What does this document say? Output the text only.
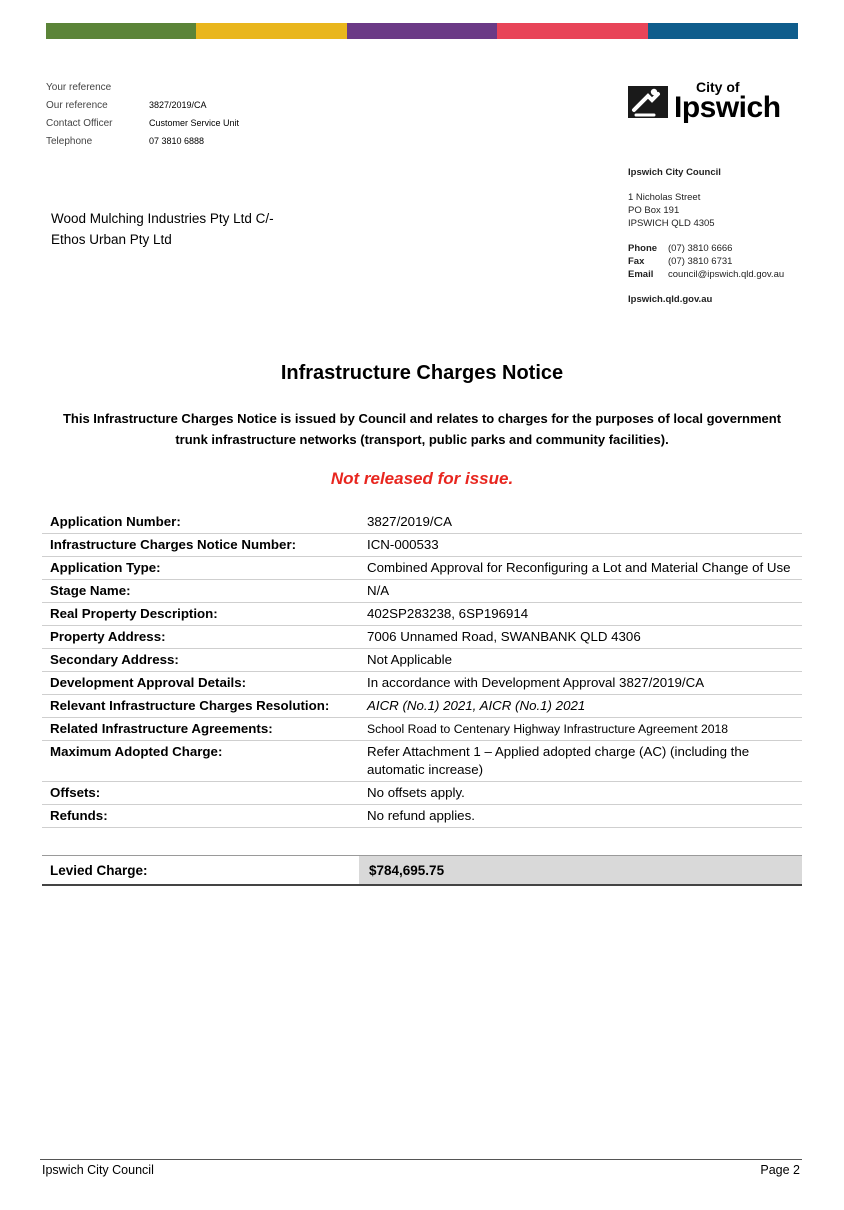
Your reference
Our reference	3827/2019/CA
Contact Officer	Customer Service Unit
Telephone	07 3810 6888
City of
Ipswich
Ipswich City Council
1 Nicholas Street
PO Box 191
IPSWICH QLD 4305
Phone (07) 3810 6666
Fax (07) 3810 6731
Email council@ipswich.qld.gov.au
Ipswich.qld.gov.au
Wood Mulching Industries Pty Ltd C/-
Ethos Urban Pty Ltd
Infrastructure Charges Notice
This Infrastructure Charges Notice is issued by Council and relates to charges for the purposes of local government trunk infrastructure networks (transport, public parks and community facilities).
Not released for issue.
Application Number:	3827/2019/CA
Infrastructure Charges Notice Number:	ICN-000533
Application Type:	Combined Approval for Reconfiguring a Lot and Material Change of Use
Stage Name:	N/A
Real Property Description:	402SP283238, 6SP196914
Property Address:	7006 Unnamed Road, SWANBANK QLD 4306
Secondary Address:	Not Applicable
Development Approval Details:	In accordance with Development Approval 3827/2019/CA
Relevant Infrastructure Charges Resolution:	AICR (No.1) 2021, AICR (No.1) 2021
Related Infrastructure Agreements:	School Road to Centenary Highway Infrastructure Agreement 2018
Maximum Adopted Charge:	Refer Attachment 1 – Applied adopted charge (AC) (including the automatic increase)
Offsets:	No offsets apply.
Refunds:	No refund applies.
Levied Charge:	$784,695.75
Ipswich City Council	Page 2
